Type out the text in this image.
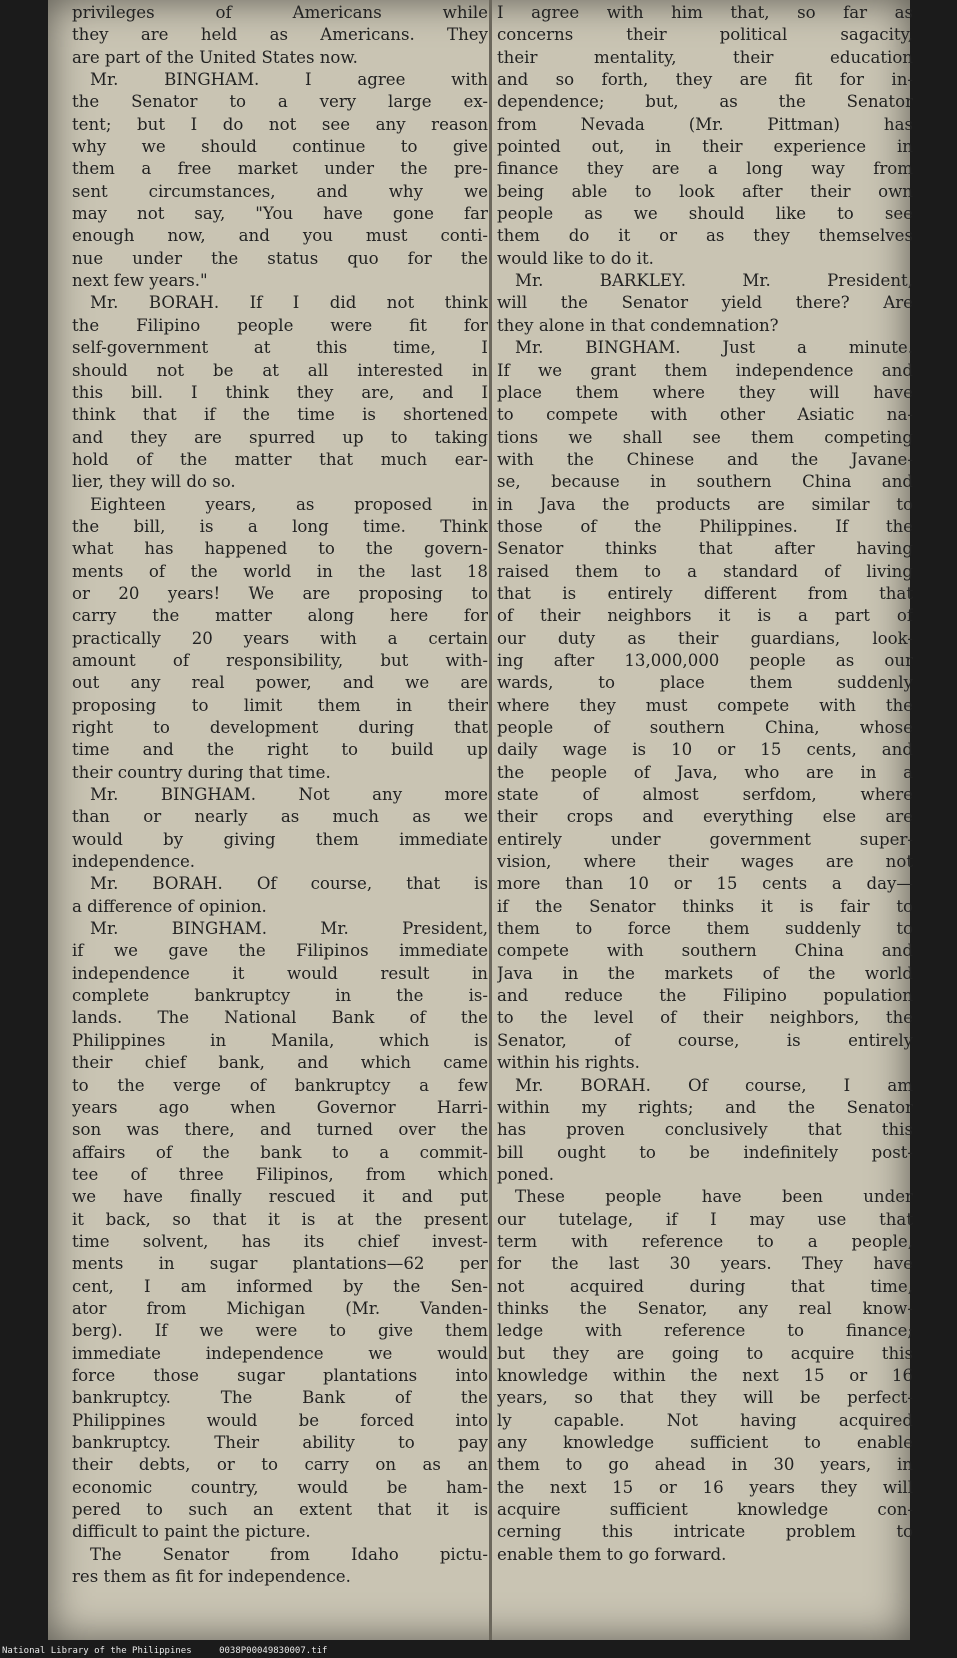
privileges of Americans while
they are held as Americans. They
are part of the United States now.
Mr. BINGHAM. I agree with
the Senator to a very large ex-
tent; but I do not see any reason
why we should continue to give
them a free market under the pre-
sent circumstances, and why we
may not say, "You have gone far
enough now, and you must conti-
nue under the status quo for the
next few years."
Mr. BORAH. If I did not think
the Filipino people were fit for
self-government at this time, I
should not be at all interested in
this bill. I think they are, and I
think that if the time is shortened
and they are spurred up to taking
hold of the matter that much ear-
lier, they will do so.
Eighteen years, as proposed in
the bill, is a long time. Think
what has happened to the govern-
ments of the world in the last 18
or 20 years! We are proposing to
carry the matter along here for
practically 20 years with a certain
amount of responsibility, but with-
out any real power, and we are
proposing to limit them in their
right to development during that
time and the right to build up
their country during that time.
Mr. BINGHAM. Not any more
than or nearly as much as we
would by giving them immediate
independence.
Mr. BORAH. Of course, that is
a difference of opinion.
Mr. BINGHAM. Mr. President,
if we gave the Filipinos immediate
independence it would result in
complete bankruptcy in the is-
lands. The National Bank of the
Philippines in Manila, which is
their chief bank, and which came
to the verge of bankruptcy a few
years ago when Governor Harri-
son was there, and turned over the
affairs of the bank to a commit-
tee of three Filipinos, from which
we have finally rescued it and put
it back, so that it is at the present
time solvent, has its chief invest-
ments in sugar plantations—62 per
cent, I am informed by the Sen-
ator from Michigan (Mr. Vanden-
berg). If we were to give them
immediate independence we would
force those sugar plantations into
bankruptcy. The Bank of the
Philippines would be forced into
bankruptcy. Their ability to pay
their debts, or to carry on as an
economic country, would be ham-
pered to such an extent that it is
difficult to paint the picture.
The Senator from Idaho pictu-
res them as fit for independence.
I agree with him that, so far as
concerns their political sagacity,
their mentality, their education
and so forth, they are fit for in-
dependence; but, as the Senator
from Nevada (Mr. Pittman) has
pointed out, in their experience in
finance they are a long way from
being able to look after their own
people as we should like to see
them do it or as they themselves
would like to do it.
Mr. BARKLEY. Mr. President,
will the Senator yield there? Are
they alone in that condemnation?
Mr. BINGHAM. Just a minute.
If we grant them independence and
place them where they will have
to compete with other Asiatic na-
tions we shall see them competing
with the Chinese and the Javane-
se, because in southern China and
in Java the products are similar to
those of the Philippines. If the
Senator thinks that after having
raised them to a standard of living
that is entirely different from that
of their neighbors it is a part of
our duty as their guardians, look-
ing after 13,000,000 people as our
wards, to place them suddenly
where they must compete with the
people of southern China, whose
daily wage is 10 or 15 cents, and
the people of Java, who are in a
state of almost serfdom, where
their crops and everything else are
entirely under government super-
vision, where their wages are not
more than 10 or 15 cents a day—
if the Senator thinks it is fair to
them to force them suddenly to
compete with southern China and
Java in the markets of the world
and reduce the Filipino population
to the level of their neighbors, the
Senator, of course, is entirely
within his rights.
Mr. BORAH. Of course, I am
within my rights; and the Senator
has proven conclusively that this
bill ought to be indefinitely post-
poned.
These people have been under
our tutelage, if I may use that
term with reference to a people,
for the last 30 years. They have
not acquired during that time,
thinks the Senator, any real know-
ledge with reference to finance;
but they are going to acquire this
knowledge within the next 15 or 16
years, so that they will be perfect-
ly capable. Not having acquired
any knowledge sufficient to enable
them to go ahead in 30 years, in
the next 15 or 16 years they will
acquire sufficient knowledge con-
cerning this intricate problem to
enable them to go forward.
National Library of the Philippines	0038P00049830007.tif
